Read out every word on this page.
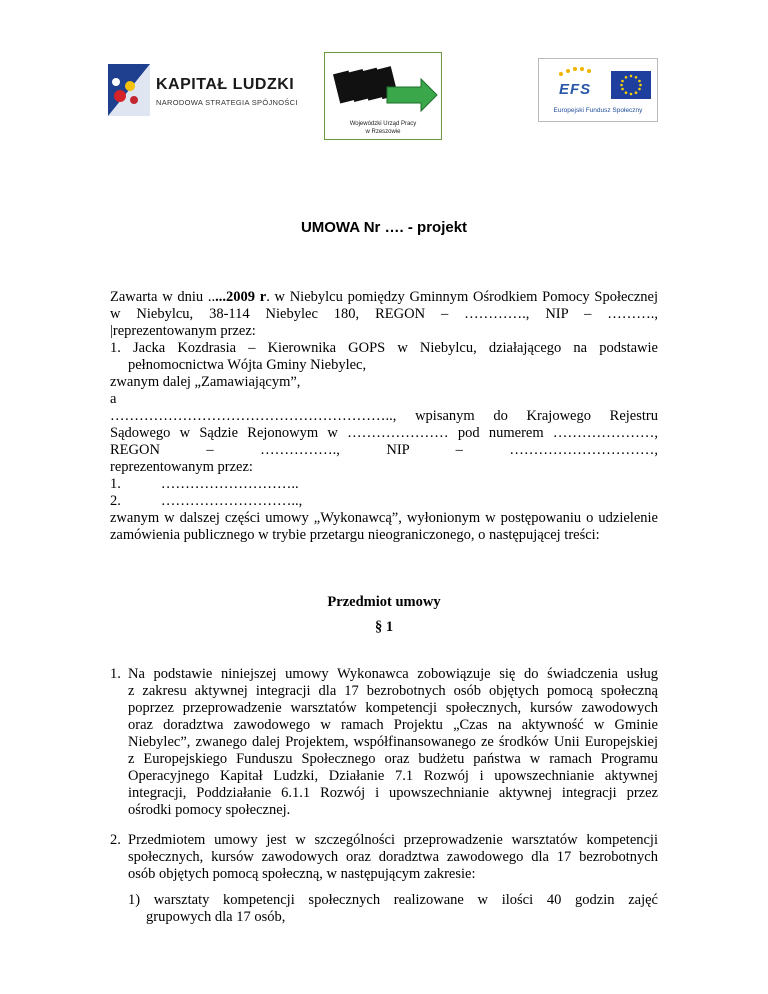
KAPITAŁ LUDZKI
NARODOWA STRATEGIA SPÓJNOŚCI
Wojewódzki Urząd Pracy
w Rzeszowie
EFS
Europejski Fundusz Społeczny
UMOWA Nr …. - projekt
Zawarta w dniu .....2009 r. w Niebylcu pomiędzy Gminnym Ośrodkiem Pomocy Społecznej
w Niebylcu, 38-114 Niebylec 180, REGON – …………., NIP – ……….,
|reprezentowanym przez:
1. Jacka Kozdrasia – Kierownika GOPS w Niebylcu, działającego na podstawie
pełnomocnictwa Wójta Gminy Niebylec,
zwanym dalej „Zamawiającym”,
a
………………………………………………….., wpisanym do Krajowego Rejestru
Sądowego w Sądzie Rejonowym w ………………… pod numerem …………………,
REGON – ……………., NIP – …………………………,
reprezentowanym przez:
1.	………………………..
2.	………………………..,
zwanym w dalszej części umowy „Wykonawcą”, wyłonionym w postępowaniu o udzielenie
zamówienia publicznego w trybie przetargu nieograniczonego, o następującej treści:
Przedmiot umowy
§ 1
1. Na podstawie niniejszej umowy Wykonawca zobowiązuje się do świadczenia usług
z zakresu aktywnej integracji dla 17 bezrobotnych osób objętych pomocą społeczną
poprzez przeprowadzenie warsztatów kompetencji społecznych, kursów zawodowych
oraz doradztwa zawodowego w ramach Projektu „Czas na aktywność w Gminie
Niebylec”, zwanego dalej Projektem, współfinansowanego ze środków Unii Europejskiej
z Europejskiego Funduszu Społecznego oraz budżetu państwa w ramach Programu
Operacyjnego Kapitał Ludzki, Działanie 7.1 Rozwój i upowszechnianie aktywnej
integracji, Poddziałanie 6.1.1 Rozwój i upowszechnianie aktywnej integracji przez
ośrodki pomocy społecznej.
2. Przedmiotem umowy jest w szczególności przeprowadzenie warsztatów kompetencji
społecznych, kursów zawodowych oraz doradztwa zawodowego dla 17 bezrobotnych
osób objętych pomocą społeczną, w następującym zakresie:
1) warsztaty kompetencji społecznych realizowane w ilości 40 godzin zajęć
grupowych dla 17 osób,
